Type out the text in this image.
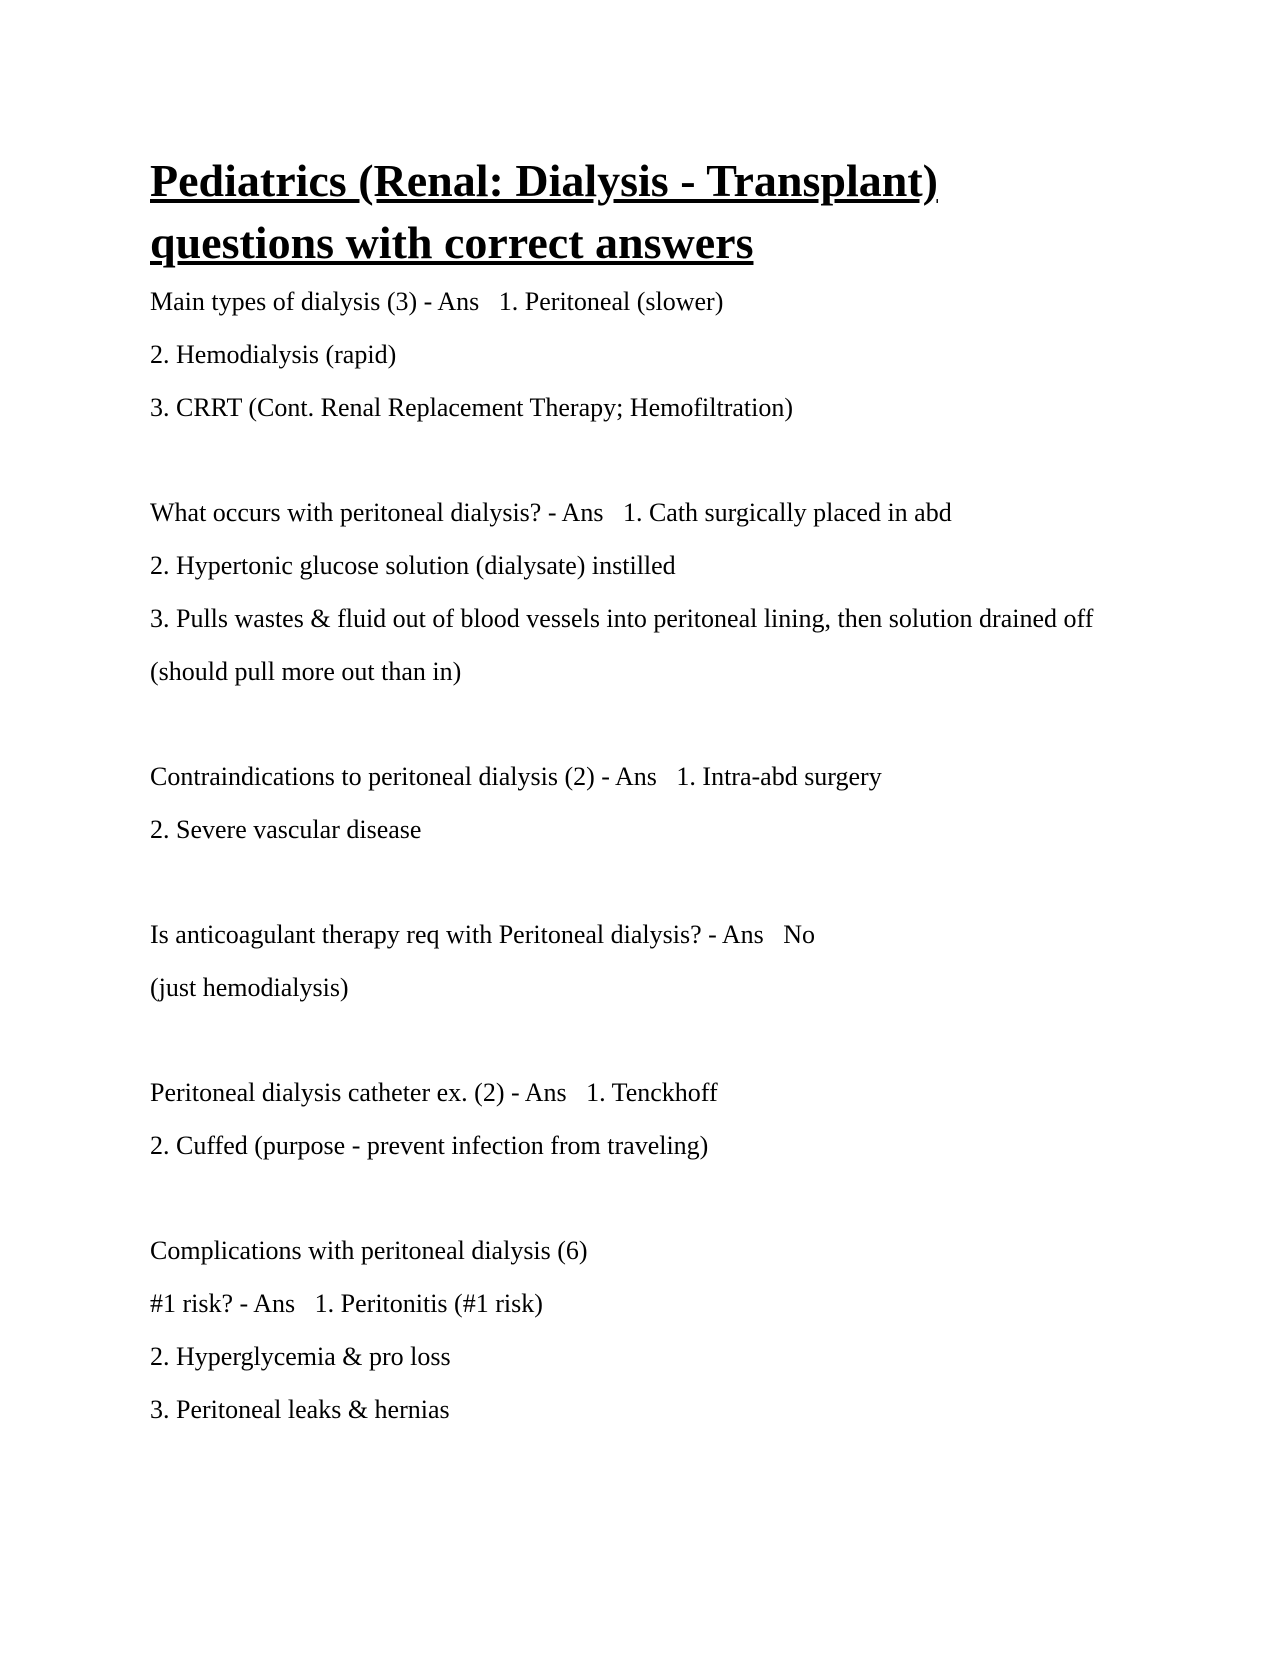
Pediatrics (Renal: Dialysis - Transplant)
questions with correct answers

Main types of dialysis (3) - Ans   1. Peritoneal (slower)

2. Hemodialysis (rapid)

3. CRRT (Cont. Renal Replacement Therapy; Hemofiltration)

What occurs with peritoneal dialysis? - Ans   1. Cath surgically placed in abd

2. Hypertonic glucose solution (dialysate) instilled

3. Pulls wastes & fluid out of blood vessels into peritoneal lining, then solution drained off

(should pull more out than in)

Contraindications to peritoneal dialysis (2) - Ans   1. Intra-abd surgery

2. Severe vascular disease

Is anticoagulant therapy req with Peritoneal dialysis? - Ans   No

(just hemodialysis)

Peritoneal dialysis catheter ex. (2) - Ans   1. Tenckhoff

2. Cuffed (purpose - prevent infection from traveling)

Complications with peritoneal dialysis (6)

#1 risk? - Ans   1. Peritonitis (#1 risk)

2. Hyperglycemia & pro loss

3. Peritoneal leaks & hernias
